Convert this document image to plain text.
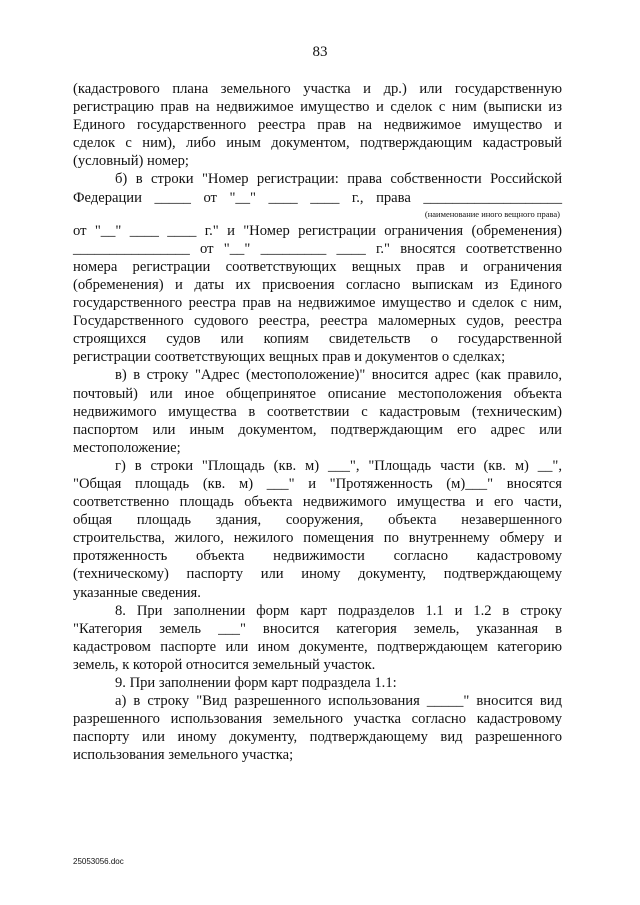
83
(кадастрового плана земельного участка и др.) или государственную
регистрацию прав на недвижимое имущество и сделок с ним (выписки из
Единого государственного реестра прав на недвижимое имущество и
сделок с ним), либо иным документом, подтверждающим кадастровый
(условный) номер;
б) в строки "Номер регистрации: права собственности Российской
Федерации _____ от "__" ____ ____ г., права ___________________
(наименование иного вещного права)
от "__" ____ ____ г." и "Номер регистрации ограничения (обременения)
________________ от "__" _________ ____ г." вносятся соответственно
номера регистрации соответствующих вещных прав и ограничения
(обременения) и даты их присвоения согласно выпискам из Единого
государственного реестра прав на недвижимое имущество и сделок с ним,
Государственного судового реестра, реестра маломерных судов, реестра
строящихся судов или копиям свидетельств о государственной
регистрации соответствующих вещных прав и документов о сделках;
в) в строку "Адрес (местоположение)" вносится адрес (как правило,
почтовый) или иное общепринятое описание местоположения объекта
недвижимого имущества в соответствии с кадастровым (техническим)
паспортом или иным документом, подтверждающим его адрес или
местоположение;
г) в строки "Площадь (кв. м) ___", "Площадь части (кв. м) __",
"Общая площадь (кв. м) ___" и "Протяженность (м)___" вносятся
соответственно площадь объекта недвижимого имущества и его части,
общая площадь здания, сооружения, объекта незавершенного
строительства, жилого, нежилого помещения по внутреннему обмеру и
протяженность объекта недвижимости согласно кадастровому
(техническому) паспорту или иному документу, подтверждающему
указанные сведения.
8. При заполнении форм карт подразделов 1.1 и 1.2 в строку
"Категория земель ___" вносится категория земель, указанная в
кадастровом паспорте или ином документе, подтверждающем категорию
земель, к которой относится земельный участок.
9. При заполнении форм карт подраздела 1.1:
а) в строку "Вид разрешенного использования _____" вносится вид
разрешенного использования земельного участка согласно кадастровому
паспорту или иному документу, подтверждающему вид разрешенного
использования земельного участка;
25053056.doc
